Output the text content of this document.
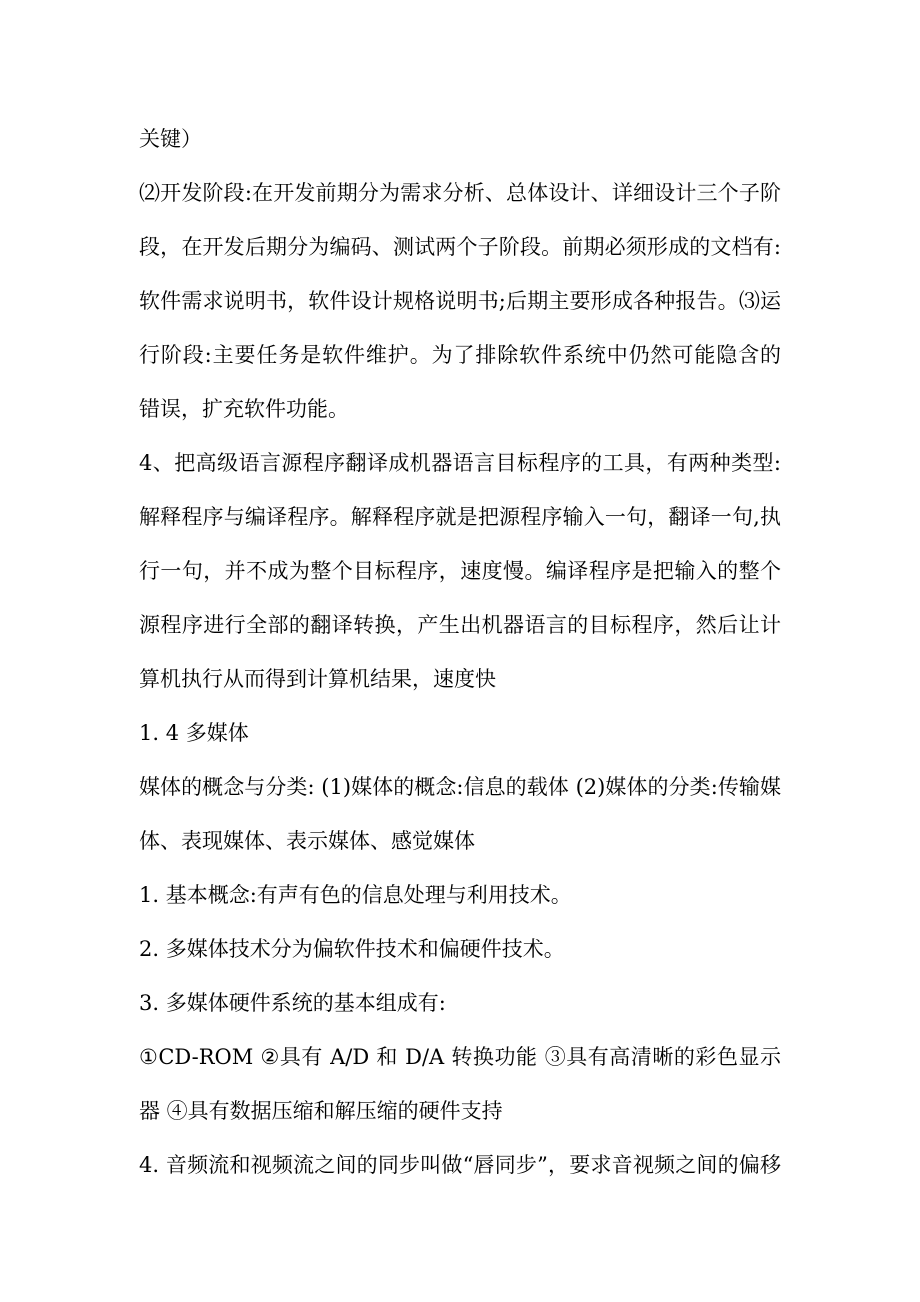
关键）
⑵开发阶段:在开发前期分为需求分析、总体设计、详细设计三个子阶
段，在开发后期分为编码、测试两个子阶段。前期必须形成的文档有:
软件需求说明书，软件设计规格说明书;后期主要形成各种报告。⑶运
行阶段:主要任务是软件维护。为了排除软件系统中仍然可能隐含的
错误，扩充软件功能。
4、把高级语言源程序翻译成机器语言目标程序的工具，有两种类型:
解释程序与编译程序。解释程序就是把源程序输入一句，翻译一句,执
行一句，并不成为整个目标程序，速度慢。编译程序是把输入的整个
源程序进行全部的翻译转换，产生出机器语言的目标程序，然后让计
算机执行从而得到计算机结果，速度快
1. 4 多媒体
媒体的概念与分类: (1)媒体的概念:信息的载体 (2)媒体的分类:传输媒
体、表现媒体、表示媒体、感觉媒体
1. 基本概念:有声有色的信息处理与利用技术。
2. 多媒体技术分为偏软件技术和偏硬件技术。
3. 多媒体硬件系统的基本组成有:
①CD-ROM ②具有 A/D 和 D/A 转换功能 ③具有高清晰的彩色显示
器 ④具有数据压缩和解压缩的硬件支持
4. 音频流和视频流之间的同步叫做“唇同步”，要求音视频之间的偏移
